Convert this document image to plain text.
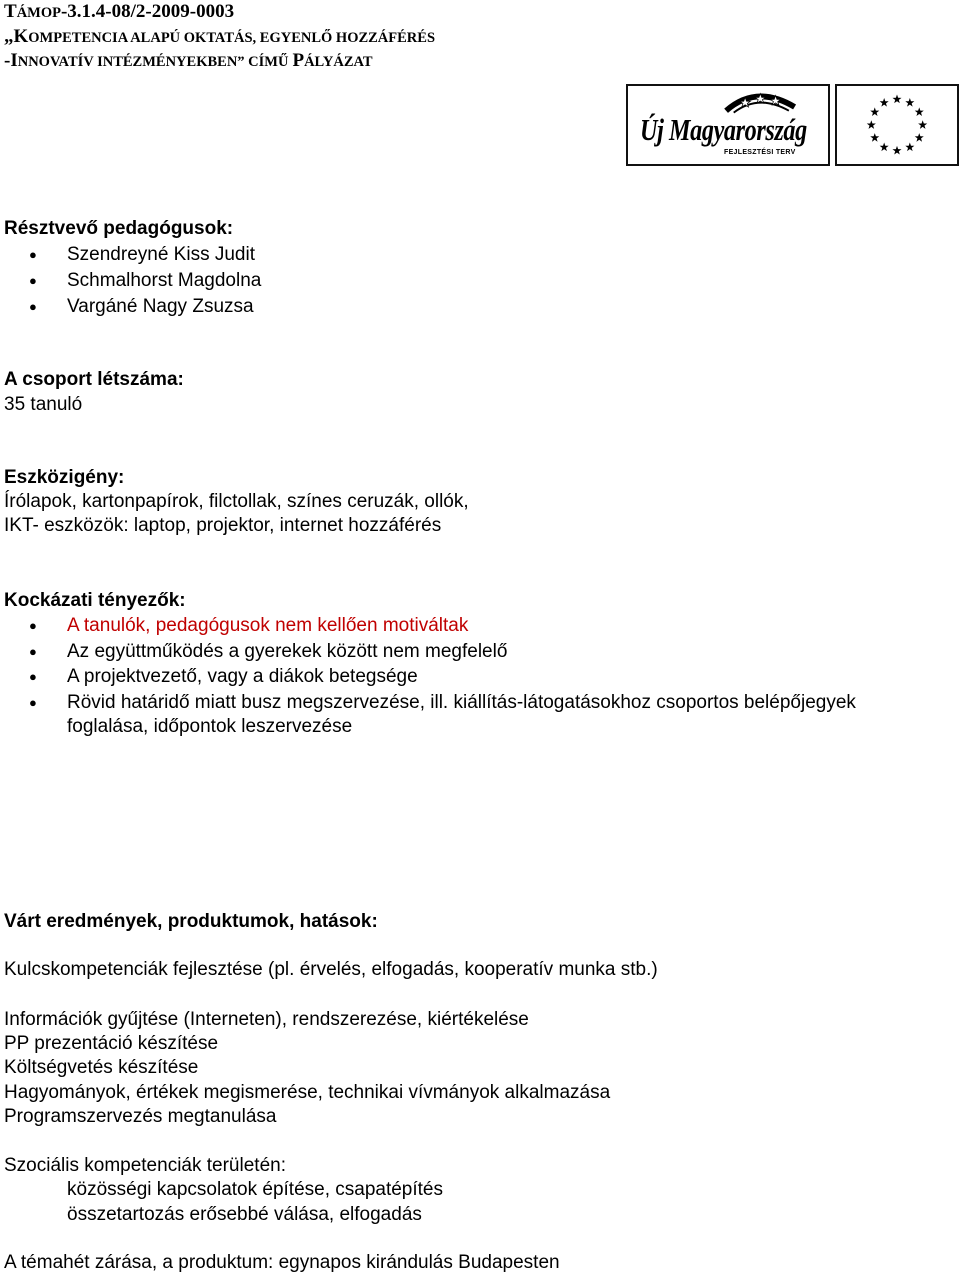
TÁMOP-3.1.4-08/2-2009-0003
„KOMPETENCIA ALAPÚ OKTATÁS, EGYENLŐ HOZZÁFÉRÉS
-INNOVATÍV INTÉZMÉNYEKBEN” CÍMŰ PÁLYÁZAT
Új Magyarország
FEJLESZTÉSI TERV
Résztvevő pedagógusok:
● Szendreyné Kiss Judit
● Schmalhorst Magdolna
● Vargáné Nagy Zsuzsa
A csoport létszáma:
35 tanuló
Eszközigény:
Írólapok, kartonpapírok, filctollak, színes ceruzák, ollók,
IKT- eszközök: laptop, projektor, internet hozzáférés
Kockázati tényezők:
● A tanulók, pedagógusok nem kellően motiváltak
● Az együttműködés a gyerekek között nem megfelelő
● A projektvezető, vagy a diákok betegsége
● Rövid határidő miatt busz megszervezése, ill. kiállítás-látogatásokhoz csoportos belépőjegyek
foglalása, időpontok leszervezése
Várt eredmények, produktumok, hatások:
Kulcskompetenciák fejlesztése (pl. érvelés, elfogadás, kooperatív munka stb.)
Információk gyűjtése (Interneten), rendszerezése, kiértékelése
PP prezentáció készítése
Költségvetés készítése
Hagyományok, értékek megismerése, technikai vívmányok alkalmazása
Programszervezés megtanulása
Szociális kompetenciák területén:
közösségi kapcsolatok építése, csapatépítés
összetartozás erősebbé válása, elfogadás
A témahét zárása, a produktum: egynapos kirándulás Budapesten
